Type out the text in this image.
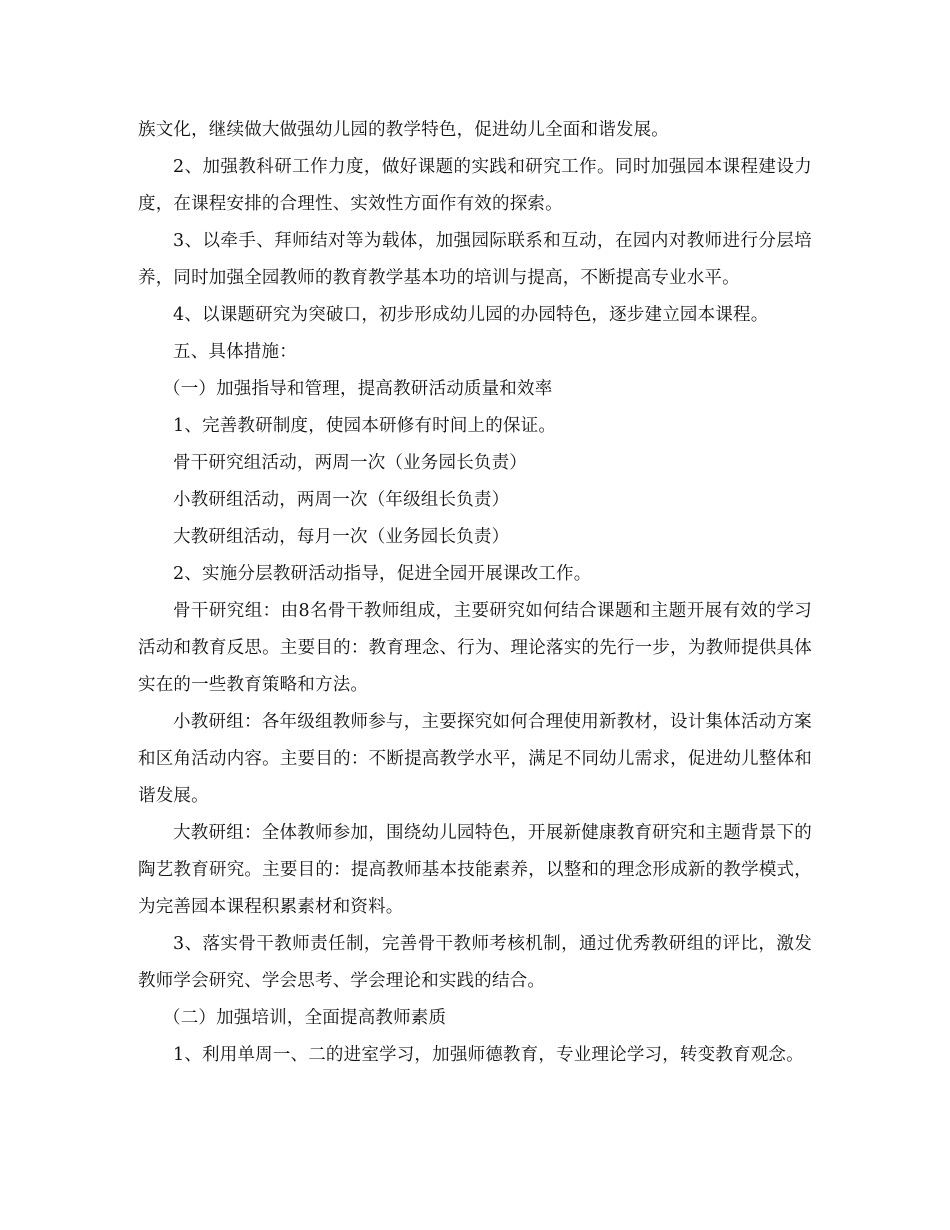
族文化，继续做大做强幼儿园的教学特色，促进幼儿全面和谐发展。

2、加强教科研工作力度，做好课题的实践和研究工作。同时加强园本课程建设力度，在课程安排的合理性、实效性方面作有效的探索。

3、以牵手、拜师结对等为载体，加强园际联系和互动，在园内对教师进行分层培养，同时加强全园教师的教育教学基本功的培训与提高，不断提高专业水平。

4、以课题研究为突破口，初步形成幼儿园的办园特色，逐步建立园本课程。

五、具体措施：

（一）加强指导和管理，提高教研活动质量和效率

1、完善教研制度，使园本研修有时间上的保证。

骨干研究组活动，两周一次（业务园长负责）

小教研组活动，两周一次（年级组长负责）

大教研组活动，每月一次（业务园长负责）

2、实施分层教研活动指导，促进全园开展课改工作。

骨干研究组：由8名骨干教师组成，主要研究如何结合课题和主题开展有效的学习活动和教育反思。主要目的：教育理念、行为、理论落实的先行一步，为教师提供具体实在的一些教育策略和方法。

小教研组：各年级组教师参与，主要探究如何合理使用新教材，设计集体活动方案和区角活动内容。主要目的：不断提高教学水平，满足不同幼儿需求，促进幼儿整体和谐发展。

大教研组：全体教师参加，围绕幼儿园特色，开展新健康教育研究和主题背景下的陶艺教育研究。主要目的：提高教师基本技能素养，以整和的理念形成新的教学模式，为完善园本课程积累素材和资料。

3、落实骨干教师责任制，完善骨干教师考核机制，通过优秀教研组的评比，激发教师学会研究、学会思考、学会理论和实践的结合。

（二）加强培训，全面提高教师素质

1、利用单周一、二的进室学习，加强师德教育，专业理论学习，转变教育观念。
